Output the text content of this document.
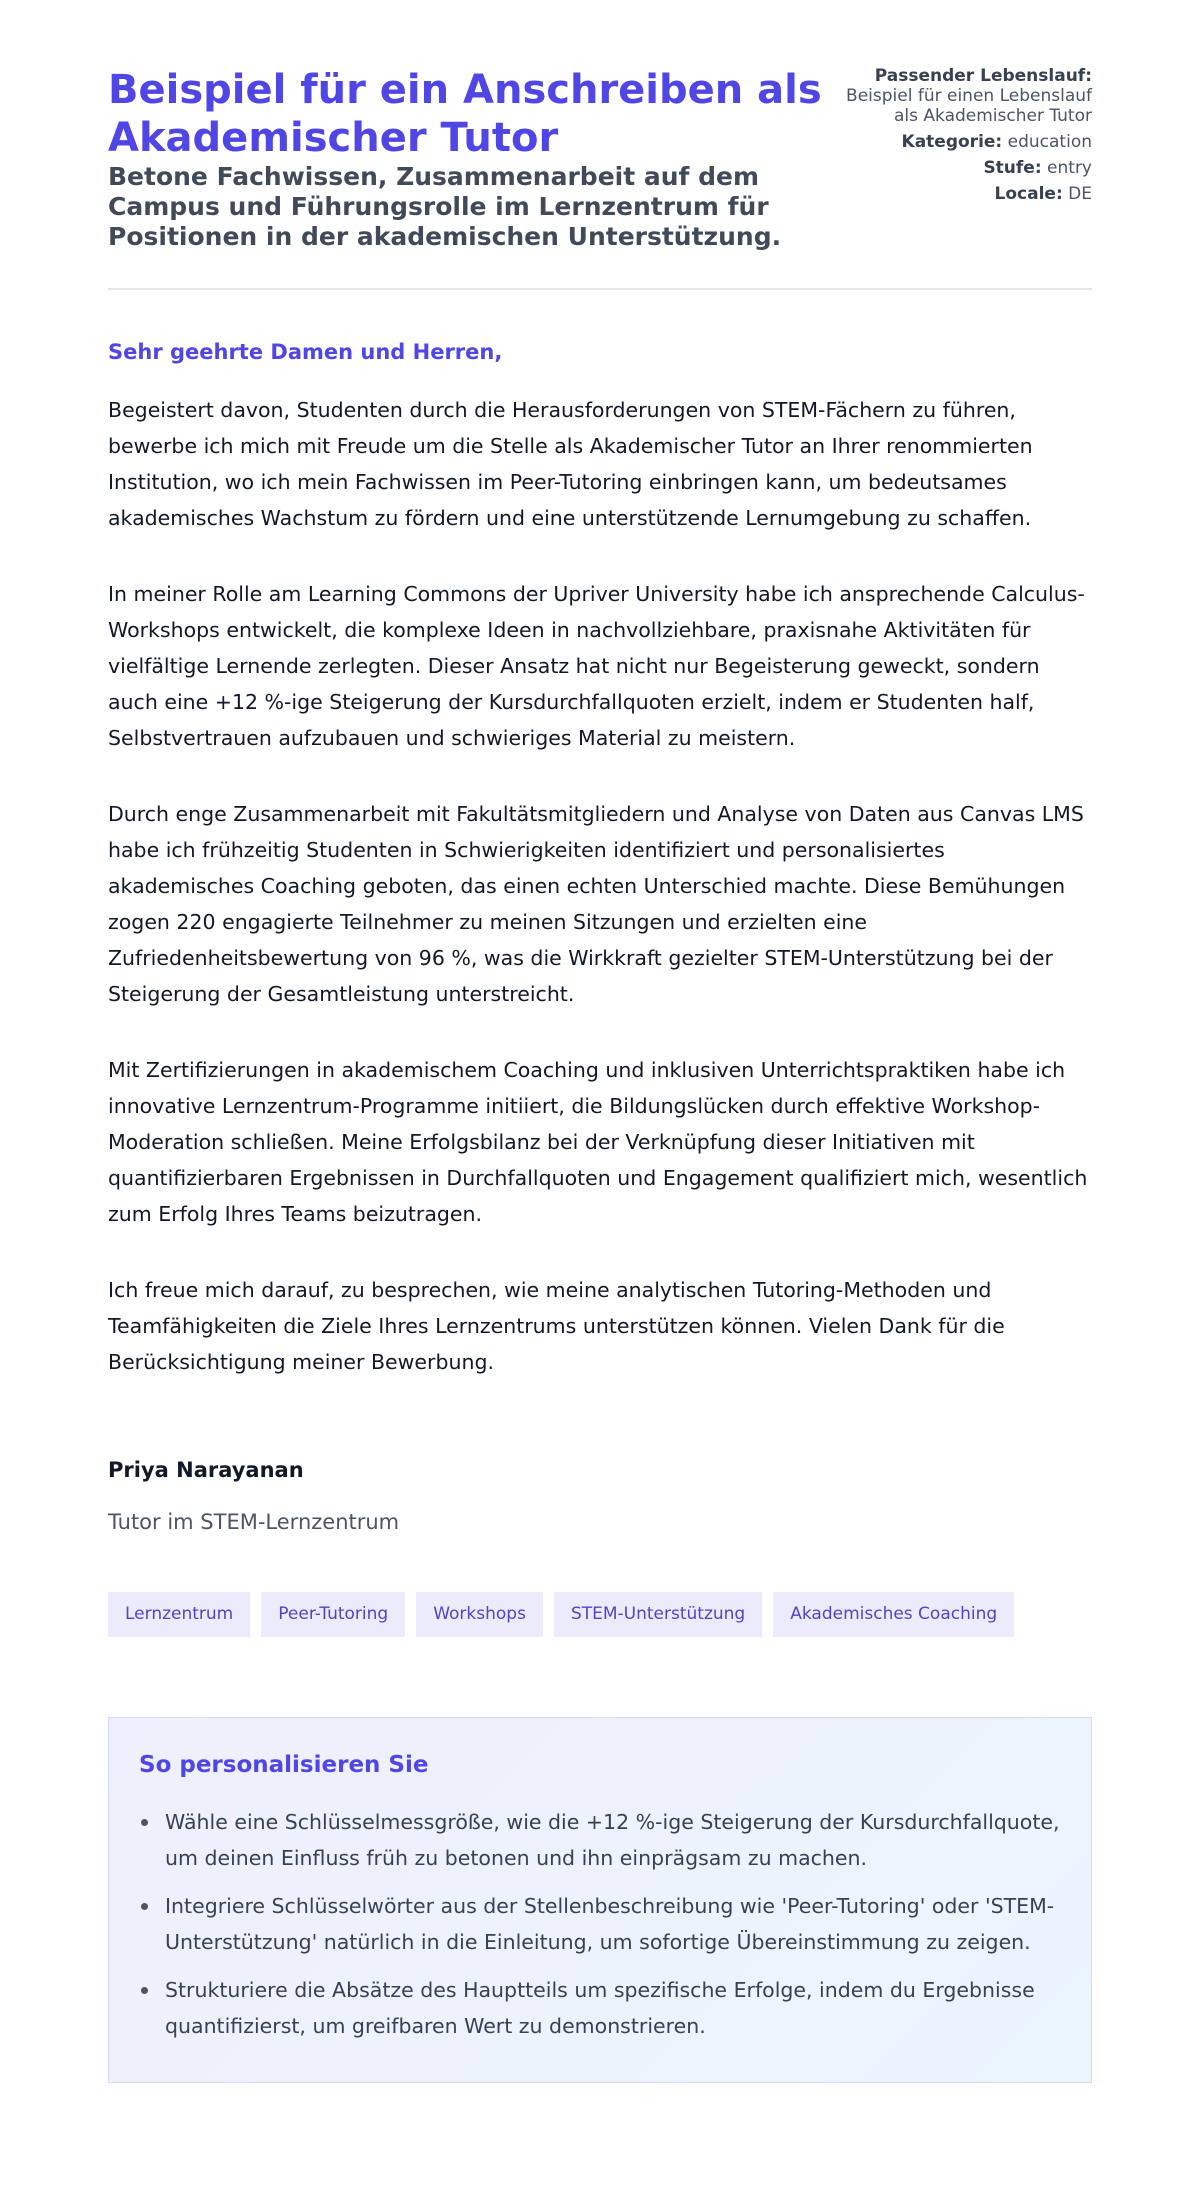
Beispiel für ein Anschreiben als Akademischer Tutor
Betone Fachwissen, Zusammenarbeit auf dem Campus und Führungsrolle im Lernzentrum für Positionen in der akademischen Unterstützung.
Passender Lebenslauf:
Beispiel für einen Lebenslauf als Akademischer Tutor
Kategorie: education
Stufe: entry
Locale: DE

Sehr geehrte Damen und Herren,

Begeistert davon, Studenten durch die Herausforderungen von STEM-Fächern zu führen, bewerbe ich mich mit Freude um die Stelle als Akademischer Tutor an Ihrer renommierten Institution, wo ich mein Fachwissen im Peer-Tutoring einbringen kann, um bedeutsames akademisches Wachstum zu fördern und eine unterstützende Lernumgebung zu schaffen.

In meiner Rolle am Learning Commons der Upriver University habe ich ansprechende Calculus-Workshops entwickelt, die komplexe Ideen in nachvollziehbare, praxisnahe Aktivitäten für vielfältige Lernende zerlegten. Dieser Ansatz hat nicht nur Begeisterung geweckt, sondern auch eine +12 %-ige Steigerung der Kursdurchfallquoten erzielt, indem er Studenten half, Selbstvertrauen aufzubauen und schwieriges Material zu meistern.

Durch enge Zusammenarbeit mit Fakultätsmitgliedern und Analyse von Daten aus Canvas LMS habe ich frühzeitig Studenten in Schwierigkeiten identifiziert und personalisiertes akademisches Coaching geboten, das einen echten Unterschied machte. Diese Bemühungen zogen 220 engagierte Teilnehmer zu meinen Sitzungen und erzielten eine Zufriedenheitsbewertung von 96 %, was die Wirkkraft gezielter STEM-Unterstützung bei der Steigerung der Gesamtleistung unterstreicht.

Mit Zertifizierungen in akademischem Coaching und inklusiven Unterrichtspraktiken habe ich innovative Lernzentrum-Programme initiiert, die Bildungslücken durch effektive Workshop-Moderation schließen. Meine Erfolgsbilanz bei der Verknüpfung dieser Initiativen mit quantifizierbaren Ergebnissen in Durchfallquoten und Engagement qualifiziert mich, wesentlich zum Erfolg Ihres Teams beizutragen.

Ich freue mich darauf, zu besprechen, wie meine analytischen Tutoring-Methoden und Teamfähigkeiten die Ziele Ihres Lernzentrums unterstützen können. Vielen Dank für die Berücksichtigung meiner Bewerbung.

Priya Narayanan
Tutor im STEM-Lernzentrum
Lernzentrum	Peer-Tutoring	Workshops	STEM-Unterstützung	Akademisches Coaching
So personalisieren Sie
Wähle eine Schlüsselmessgröße, wie die +12 %-ige Steigerung der Kursdurchfallquote, um deinen Einfluss früh zu betonen und ihn einprägsam zu machen.
Integriere Schlüsselwörter aus der Stellenbeschreibung wie 'Peer-Tutoring' oder 'STEM-Unterstützung' natürlich in die Einleitung, um sofortige Übereinstimmung zu zeigen.
Strukturiere die Absätze des Hauptteils um spezifische Erfolge, indem du Ergebnisse quantifizierst, um greifbaren Wert zu demonstrieren.
